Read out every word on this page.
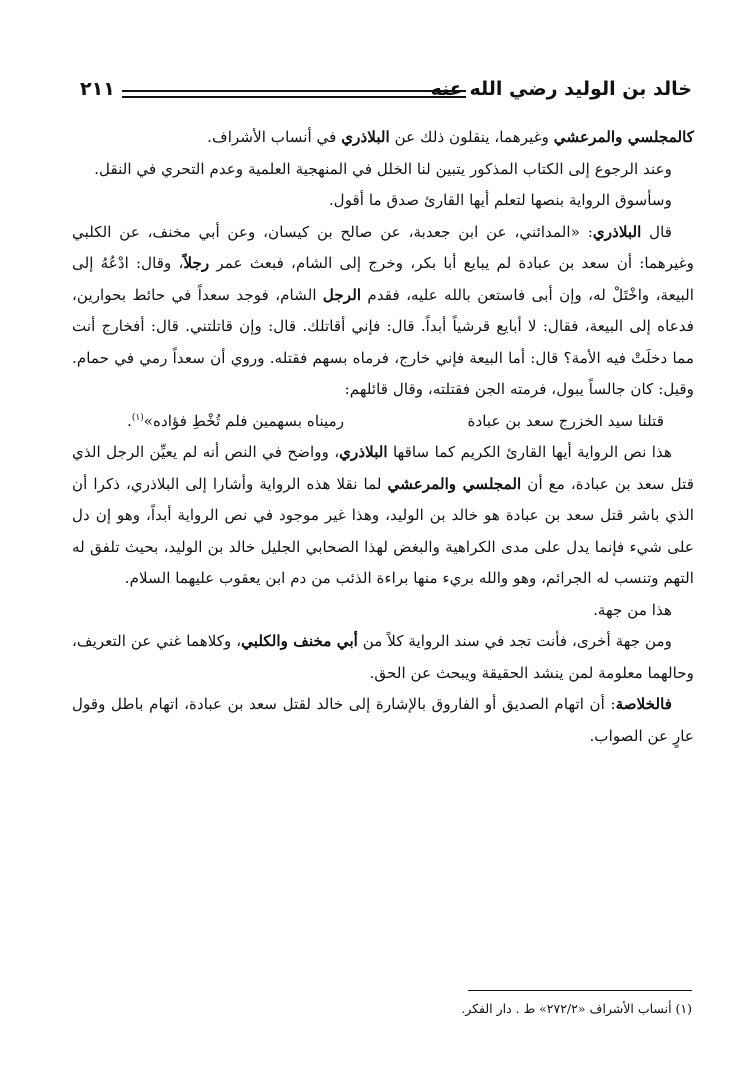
خالد بن الوليد رضي الله عنه
٢١١

كالمجلسي والمرعشي وغيرهما، ينقلون ذلك عن البلاذري في أنساب الأشراف.

وعند الرجوع إلى الكتاب المذكور يتبين لنا الخلل في المنهجية العلمية وعدم التحري في النقل.

وسأسوق الرواية بنصها لتعلم أيها القارئ صدق ما أقول.

قال البلاذري: «المدائني، عن ابن جعدبة، عن صالح بن كيسان، وعن أبي مخنف، عن الكلبي وغيرهما: أن سعد بن عبادة لم يبايع أبا بكر، وخرج إلى الشام، فبعث عمر رجلاً، وقال: ادْعُهُ إلى البيعة، واخْتَلْ له، وإن أبى فاستعن بالله عليه، فقدم الرجل الشام، فوجد سعداً في حائط بحوارين، فدعاه إلى البيعة، فقال: لا أبايع قرشياً أبداً. قال: فإني أقاتلك. قال: وإن قاتلتني. قال: أفخارج أنت مما دخلَتْ فيه الأمة؟ قال: أما البيعة فإني خارج، فرماه بسهم فقتله. وروي أن سعداً رمي في حمام. وقيل: كان جالساً يبول، فرمته الجن فقتلته، وقال قائلهم:

قتلنا سيد الخزرج سعد بن عبادة
رميناه بسهمين فلم تُخْطِ فؤاده»$^{(١)}$.

هذا نص الرواية أيها القارئ الكريم كما ساقها البلاذري، وواضح في النص أنه لم يعيِّن الرجل الذي قتل سعد بن عبادة، مع أن المجلسي والمرعشي لما نقلا هذه الرواية وأشارا إلى البلاذري، ذكرا أن الذي باشر قتل سعد بن عبادة هو خالد بن الوليد، وهذا غير موجود في نص الرواية أبداً، وهو إن دل على شيء فإنما يدل على مدى الكراهية والبغض لهذا الصحابي الجليل خالد بن الوليد، بحيث تلفق له التهم وتنسب له الجرائم، وهو والله بريء منها براءة الذئب من دم ابن يعقوب عليهما السلام.

هذا من جهة.

ومن جهة أخرى، فأنت تجد في سند الرواية كلاً من أبي مخنف والكلبي، وكلاهما غني عن التعريف، وحالهما معلومة لمن ينشد الحقيقة ويبحث عن الحق.

فالخلاصة: أن اتهام الصديق أو الفاروق بالإشارة إلى خالد لقتل سعد بن عبادة، اتهام باطل وقول عارٍ عن الصواب.

(١) أنساب الأشراف «٢٧٢/٢» ط . دار الفكر.
